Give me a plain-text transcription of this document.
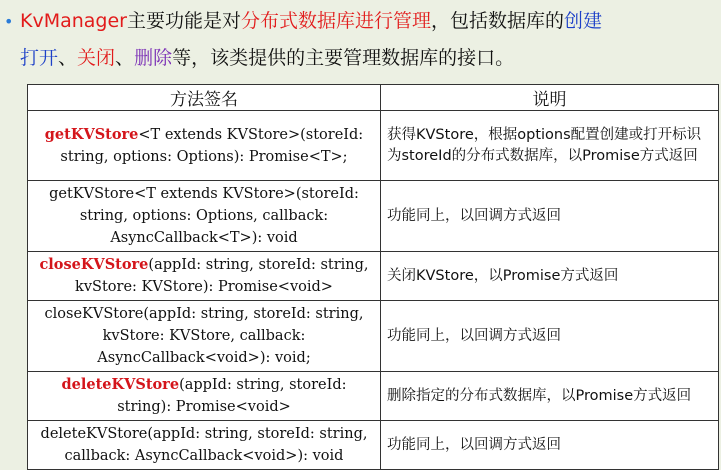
• KvManager主要功能是对分布式数据库进行管理，包括数据库的创建
打开、关闭、删除等，该类提供的主要管理数据库的接口。
方法签名	说明
getKVStore<T extends KVStore>(storeId: string, options: Options): Promise<T>;	获得KVStore，根据options配置创建或打开标识为storeId的分布式数据库，以Promise方式返回
getKVStore<T extends KVStore>(storeId: string, options: Options, callback: AsyncCallback<T>): void	功能同上，以回调方式返回
closeKVStore(appId: string, storeId: string, kvStore: KVStore): Promise<void>	关闭KVStore，以Promise方式返回
closeKVStore(appId: string, storeId: string, kvStore: KVStore, callback: AsyncCallback<void>): void;	功能同上，以回调方式返回
deleteKVStore(appId: string, storeId: string): Promise<void>	删除指定的分布式数据库，以Promise方式返回
deleteKVStore(appId: string, storeId: string, callback: AsyncCallback<void>): void	功能同上，以回调方式返回
